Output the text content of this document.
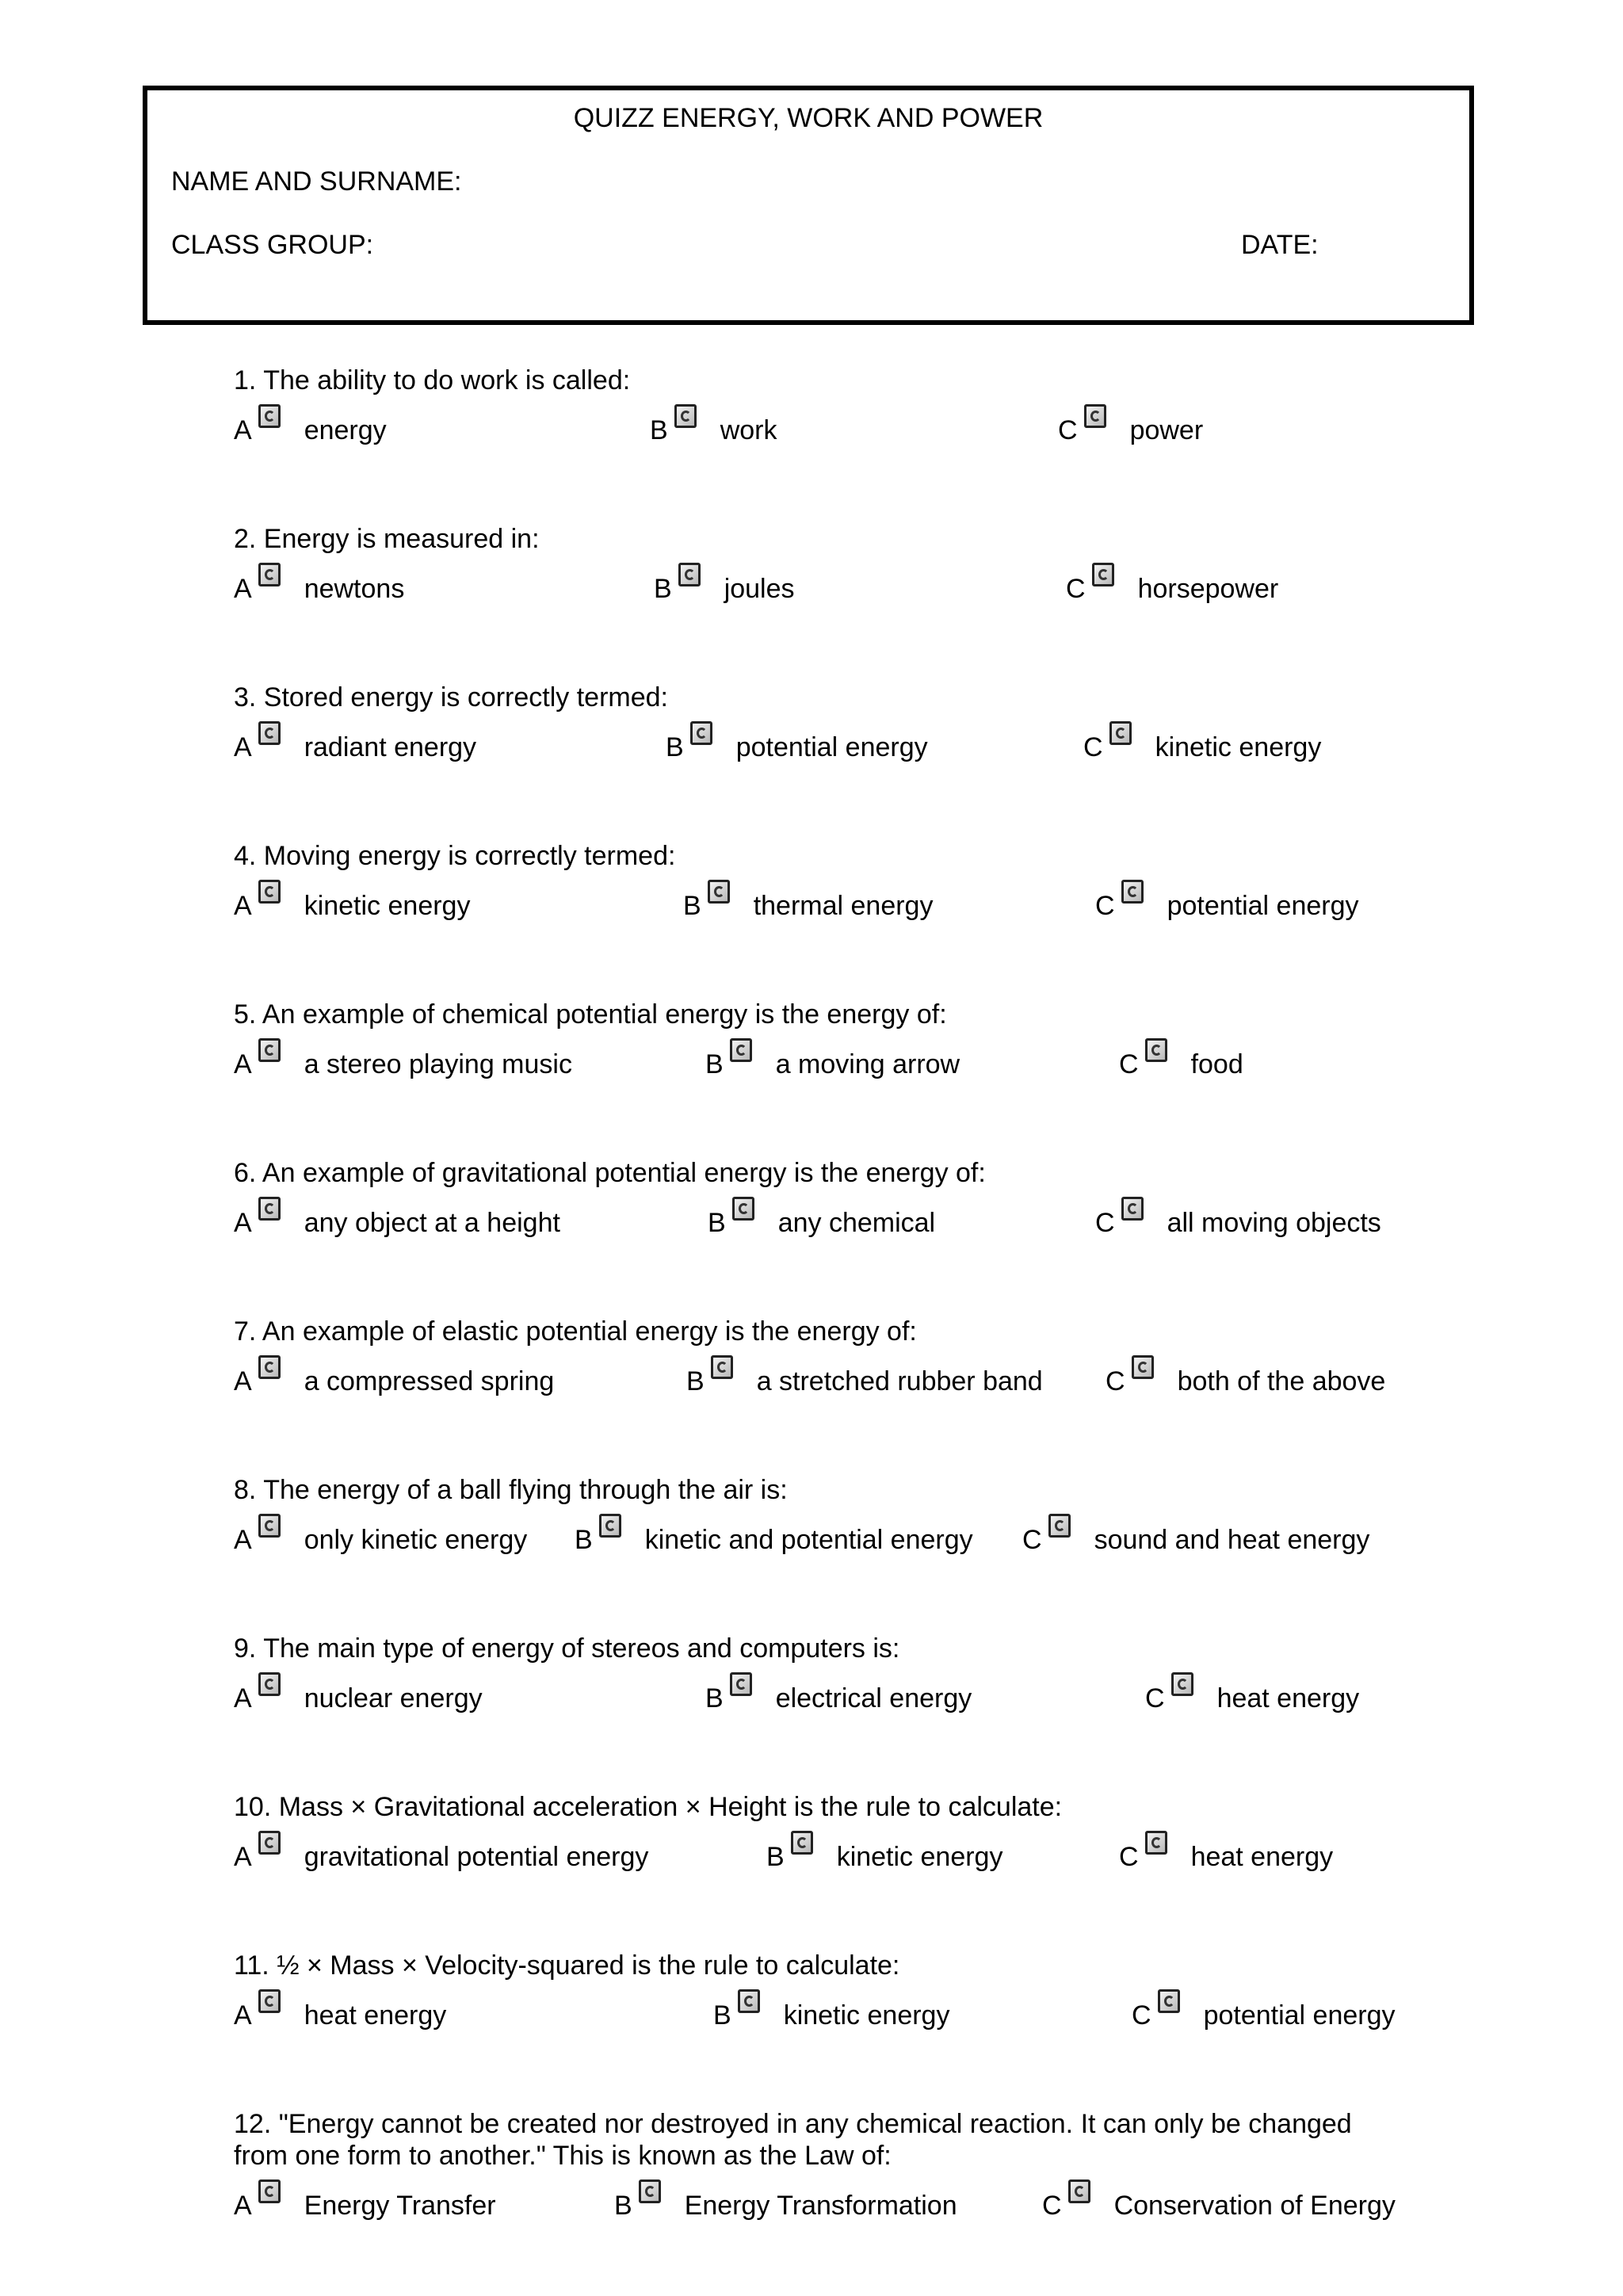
QUIZZ ENERGY, WORK AND POWER
NAME AND SURNAME:
CLASS GROUP:	DATE:
1. The ability to do work is called:
A energy	B work	C power
2. Energy is measured in:
A newtons	B joules	C horsepower
3. Stored energy is correctly termed:
A radiant energy	B potential energy	C kinetic energy
4. Moving energy is correctly termed:
A kinetic energy	B thermal energy	C potential energy
5. An example of chemical potential energy is the energy of:
A a stereo playing music	B a moving arrow	C food
6. An example of gravitational potential energy is the energy of:
A any object at a height	B any chemical	C all moving objects
7. An example of elastic potential energy is the energy of:
A a compressed spring	B a stretched rubber band C both of the above
8. The energy of a ball flying through the air is:
A only kinetic energy B kinetic and potential energy C sound and heat energy
9. The main type of energy of stereos and computers is:
A nuclear energy	B electrical energy	C heat energy
10. Mass × Gravitational acceleration × Height is the rule to calculate:
A gravitational potential energy	B kinetic energy	C heat energy
11. ½ × Mass × Velocity-squared is the rule to calculate:
A heat energy	B kinetic energy	C potential energy
12. "Energy cannot be created nor destroyed in any chemical reaction. It can only be changed
from one form to another." This is known as the Law of:
A Energy Transfer	B Energy Transformation	C Conservation of Energy
